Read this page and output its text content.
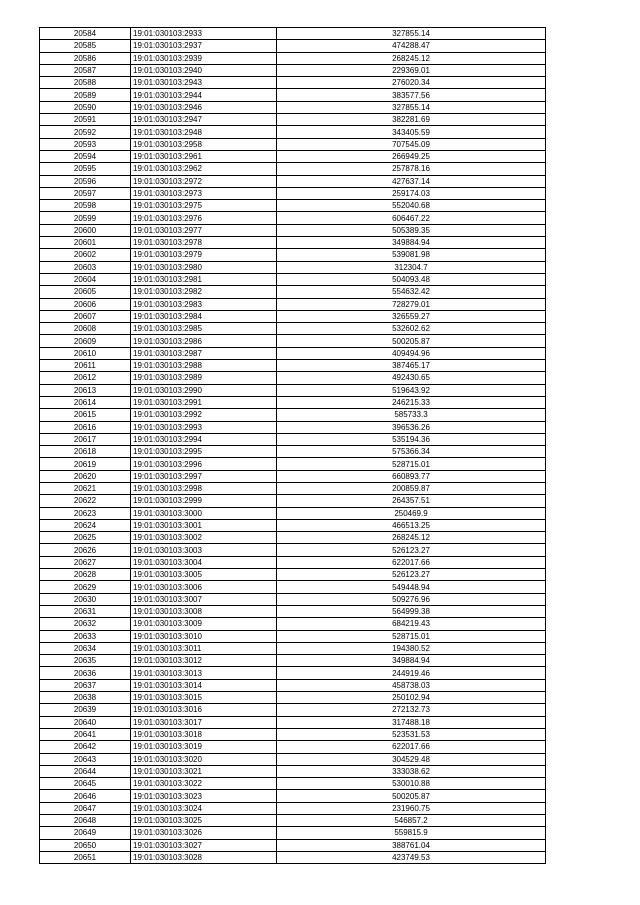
20584	19:01:030103:2933	327855.14
20585	19:01:030103:2937	474288.47
20586	19:01:030103:2939	268245.12
20587	19:01:030103:2940	229369.01
20588	19:01:030103:2943	276020.34
20589	19:01:030103:2944	383577.56
20590	19:01:030103:2946	327855.14
20591	19:01:030103:2947	382281.69
20592	19:01:030103:2948	343405.59
20593	19:01:030103:2958	707545.09
20594	19:01:030103:2961	266949.25
20595	19:01:030103:2962	257878.16
20596	19:01:030103:2972	427637.14
20597	19:01:030103:2973	259174.03
20598	19:01:030103:2975	552040.68
20599	19:01:030103:2976	606467.22
20600	19:01:030103:2977	505389.35
20601	19:01:030103:2978	349884.94
20602	19:01:030103:2979	539081.98
20603	19:01:030103:2980	312304.7
20604	19:01:030103:2981	504093.48
20605	19:01:030103:2982	554632.42
20606	19:01:030103:2983	728279.01
20607	19:01:030103:2984	326559.27
20608	19:01:030103:2985	532602.62
20609	19:01:030103:2986	500205.87
20610	19:01:030103:2987	409494.96
20611	19:01:030103:2988	387465.17
20612	19:01:030103:2989	492430.65
20613	19:01:030103:2990	519643.92
20614	19:01:030103:2991	246215.33
20615	19:01:030103:2992	585733.3
20616	19:01:030103:2993	396536.26
20617	19:01:030103:2994	535194.36
20618	19:01:030103:2995	575366.34
20619	19:01:030103:2996	528715.01
20620	19:01:030103:2997	660893.77
20621	19:01:030103:2998	200859.87
20622	19:01:030103:2999	264357.51
20623	19:01:030103:3000	250469.9
20624	19:01:030103:3001	466513.25
20625	19:01:030103:3002	268245.12
20626	19:01:030103:3003	526123.27
20627	19:01:030103:3004	622017.66
20628	19:01:030103:3005	526123.27
20629	19:01:030103:3006	549448.94
20630	19:01:030103:3007	509276.96
20631	19:01:030103:3008	564999.38
20632	19:01:030103:3009	684219.43
20633	19:01:030103:3010	528715.01
20634	19:01:030103:3011	194380.52
20635	19:01:030103:3012	349884.94
20636	19:01:030103:3013	244919.46
20637	19:01:030103:3014	458738.03
20638	19:01:030103:3015	250102.94
20639	19:01:030103:3016	272132.73
20640	19:01:030103:3017	317488.18
20641	19:01:030103:3018	523531.53
20642	19:01:030103:3019	622017.66
20643	19:01:030103:3020	304529.48
20644	19:01:030103:3021	333038.62
20645	19:01:030103:3022	530010.88
20646	19:01:030103:3023	500205.87
20647	19:01:030103:3024	231960.75
20648	19:01:030103:3025	546857.2
20649	19:01:030103:3026	559815.9
20650	19:01:030103:3027	388761.04
20651	19:01:030103:3028	423749.53
